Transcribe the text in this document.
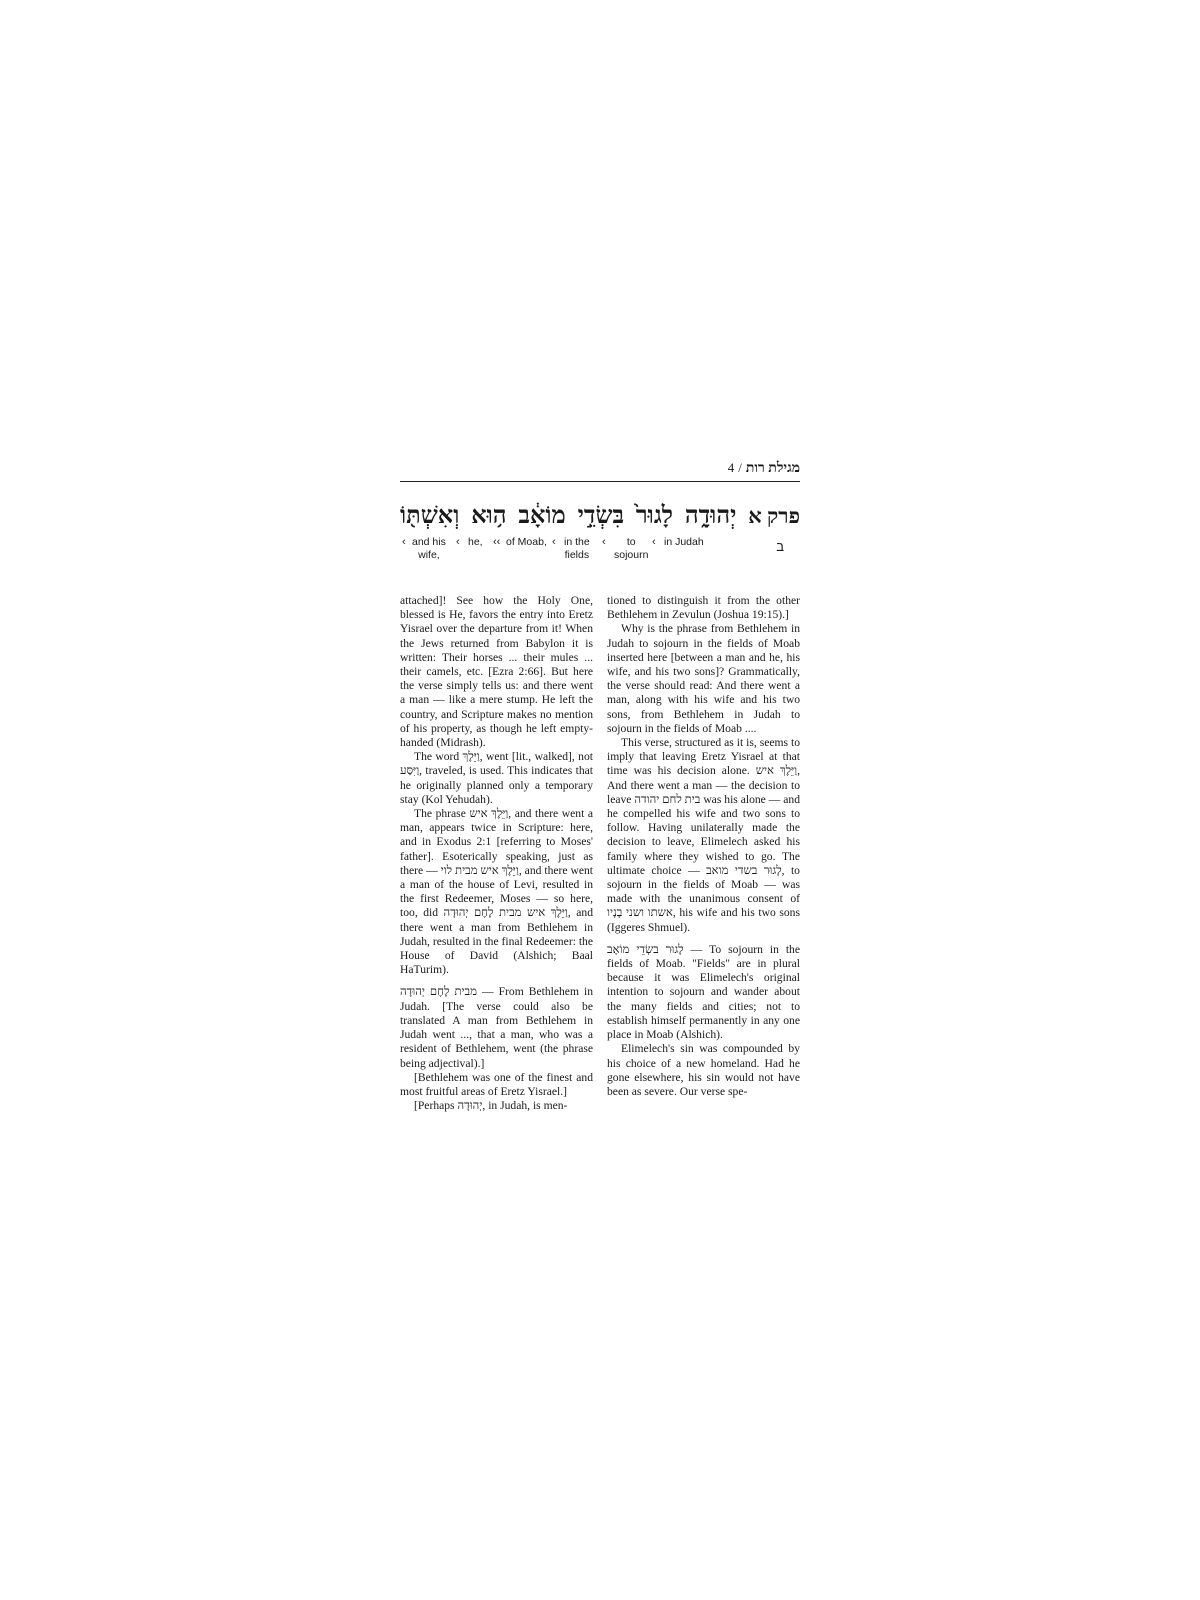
4 / מגילת רות
פרק א
יְהוּדָ֑ה
לָגוּר֙
בִּשְׂדֵ֣י
מוֹאָ֔ב
ה֥וּא
וְאִשְׁתּ֖וֹ
‹ and his
wife,
‹ he, ‹‹ of Moab, ‹ in the
fields
‹	to
sojourn
‹ in Judah	ב

attached]! See how the Holy One, blessed is He, favors the entry into Eretz Yisrael over the departure from it! When the Jews returned from Babylon it is written: Their horses ... their mules ... their camels, etc. [Ezra 2:66]. But here the verse simply tells us: and there went a man — like a mere stump. He left the country, and Scripture makes no mention of his property, as though he left empty-handed (Midrash).

The word וַיֵּלֶךְ, went [lit., walked], not וַיִּסַּע, traveled, is used. This indicates that he originally planned only a temporary stay (Kol Yehudah).

The phrase וַיֵּלֶךְ איש, and there went a man, appears twice in Scripture: here, and in Exodus 2:1 [referring to Moses' father]. Esoterically speaking, just as there — וַיֵּלֶךְ איש מבית לוי, and there went a man of the house of Levi, resulted in the first Redeemer, Moses — so here, too, did וַיֵּלֶךְ איש מבית לֶחֶם יְהוּדָה, and there went a man from Bethlehem in Judah, resulted in the final Redeemer: the House of David (Alshich; Baal HaTurim).

מבית לֶחֶם יְהוּדָה — From Bethlehem in Judah. [The verse could also be translated A man from Bethlehem in Judah went ..., that a man, who was a resident of Bethlehem, went (the phrase being adjectival).]

[Bethlehem was one of the finest and most fruitful areas of Eretz Yisrael.]

[Perhaps יְהוּדָה, in Judah, is men-

tioned to distinguish it from the other Bethlehem in Zevulun (Joshua 19:15).]

Why is the phrase from Bethlehem in Judah to sojourn in the fields of Moab inserted here [between a man and he, his wife, and his two sons]? Grammatically, the verse should read: And there went a man, along with his wife and his two sons, from Bethlehem in Judah to sojourn in the fields of Moab ....

This verse, structured as it is, seems to imply that leaving Eretz Yisrael at that time was his decision alone. וַיֵּלֶךְ איש, And there went a man — the decision to leave בית לחם יהודה was his alone — and he compelled his wife and two sons to follow. Having unilaterally made the decision to leave, Elimelech asked his family where they wished to go. The ultimate choice — לָגוּר בשדי מואב, to sojourn in the fields of Moab — was made with the unanimous consent of אשתו ושני בָנָיו, his wife and his two sons (Iggeres Shmuel).

לָגוּר בשְׂדֵי מוֹאָב — To sojourn in the fields of Moab. "Fields" are in plural because it was Elimelech's original intention to sojourn and wander about the many fields and cities; not to establish himself permanently in any one place in Moab (Alshich).

Elimelech's sin was compounded by his choice of a new homeland. Had he gone elsewhere, his sin would not have been as severe. Our verse spe-
